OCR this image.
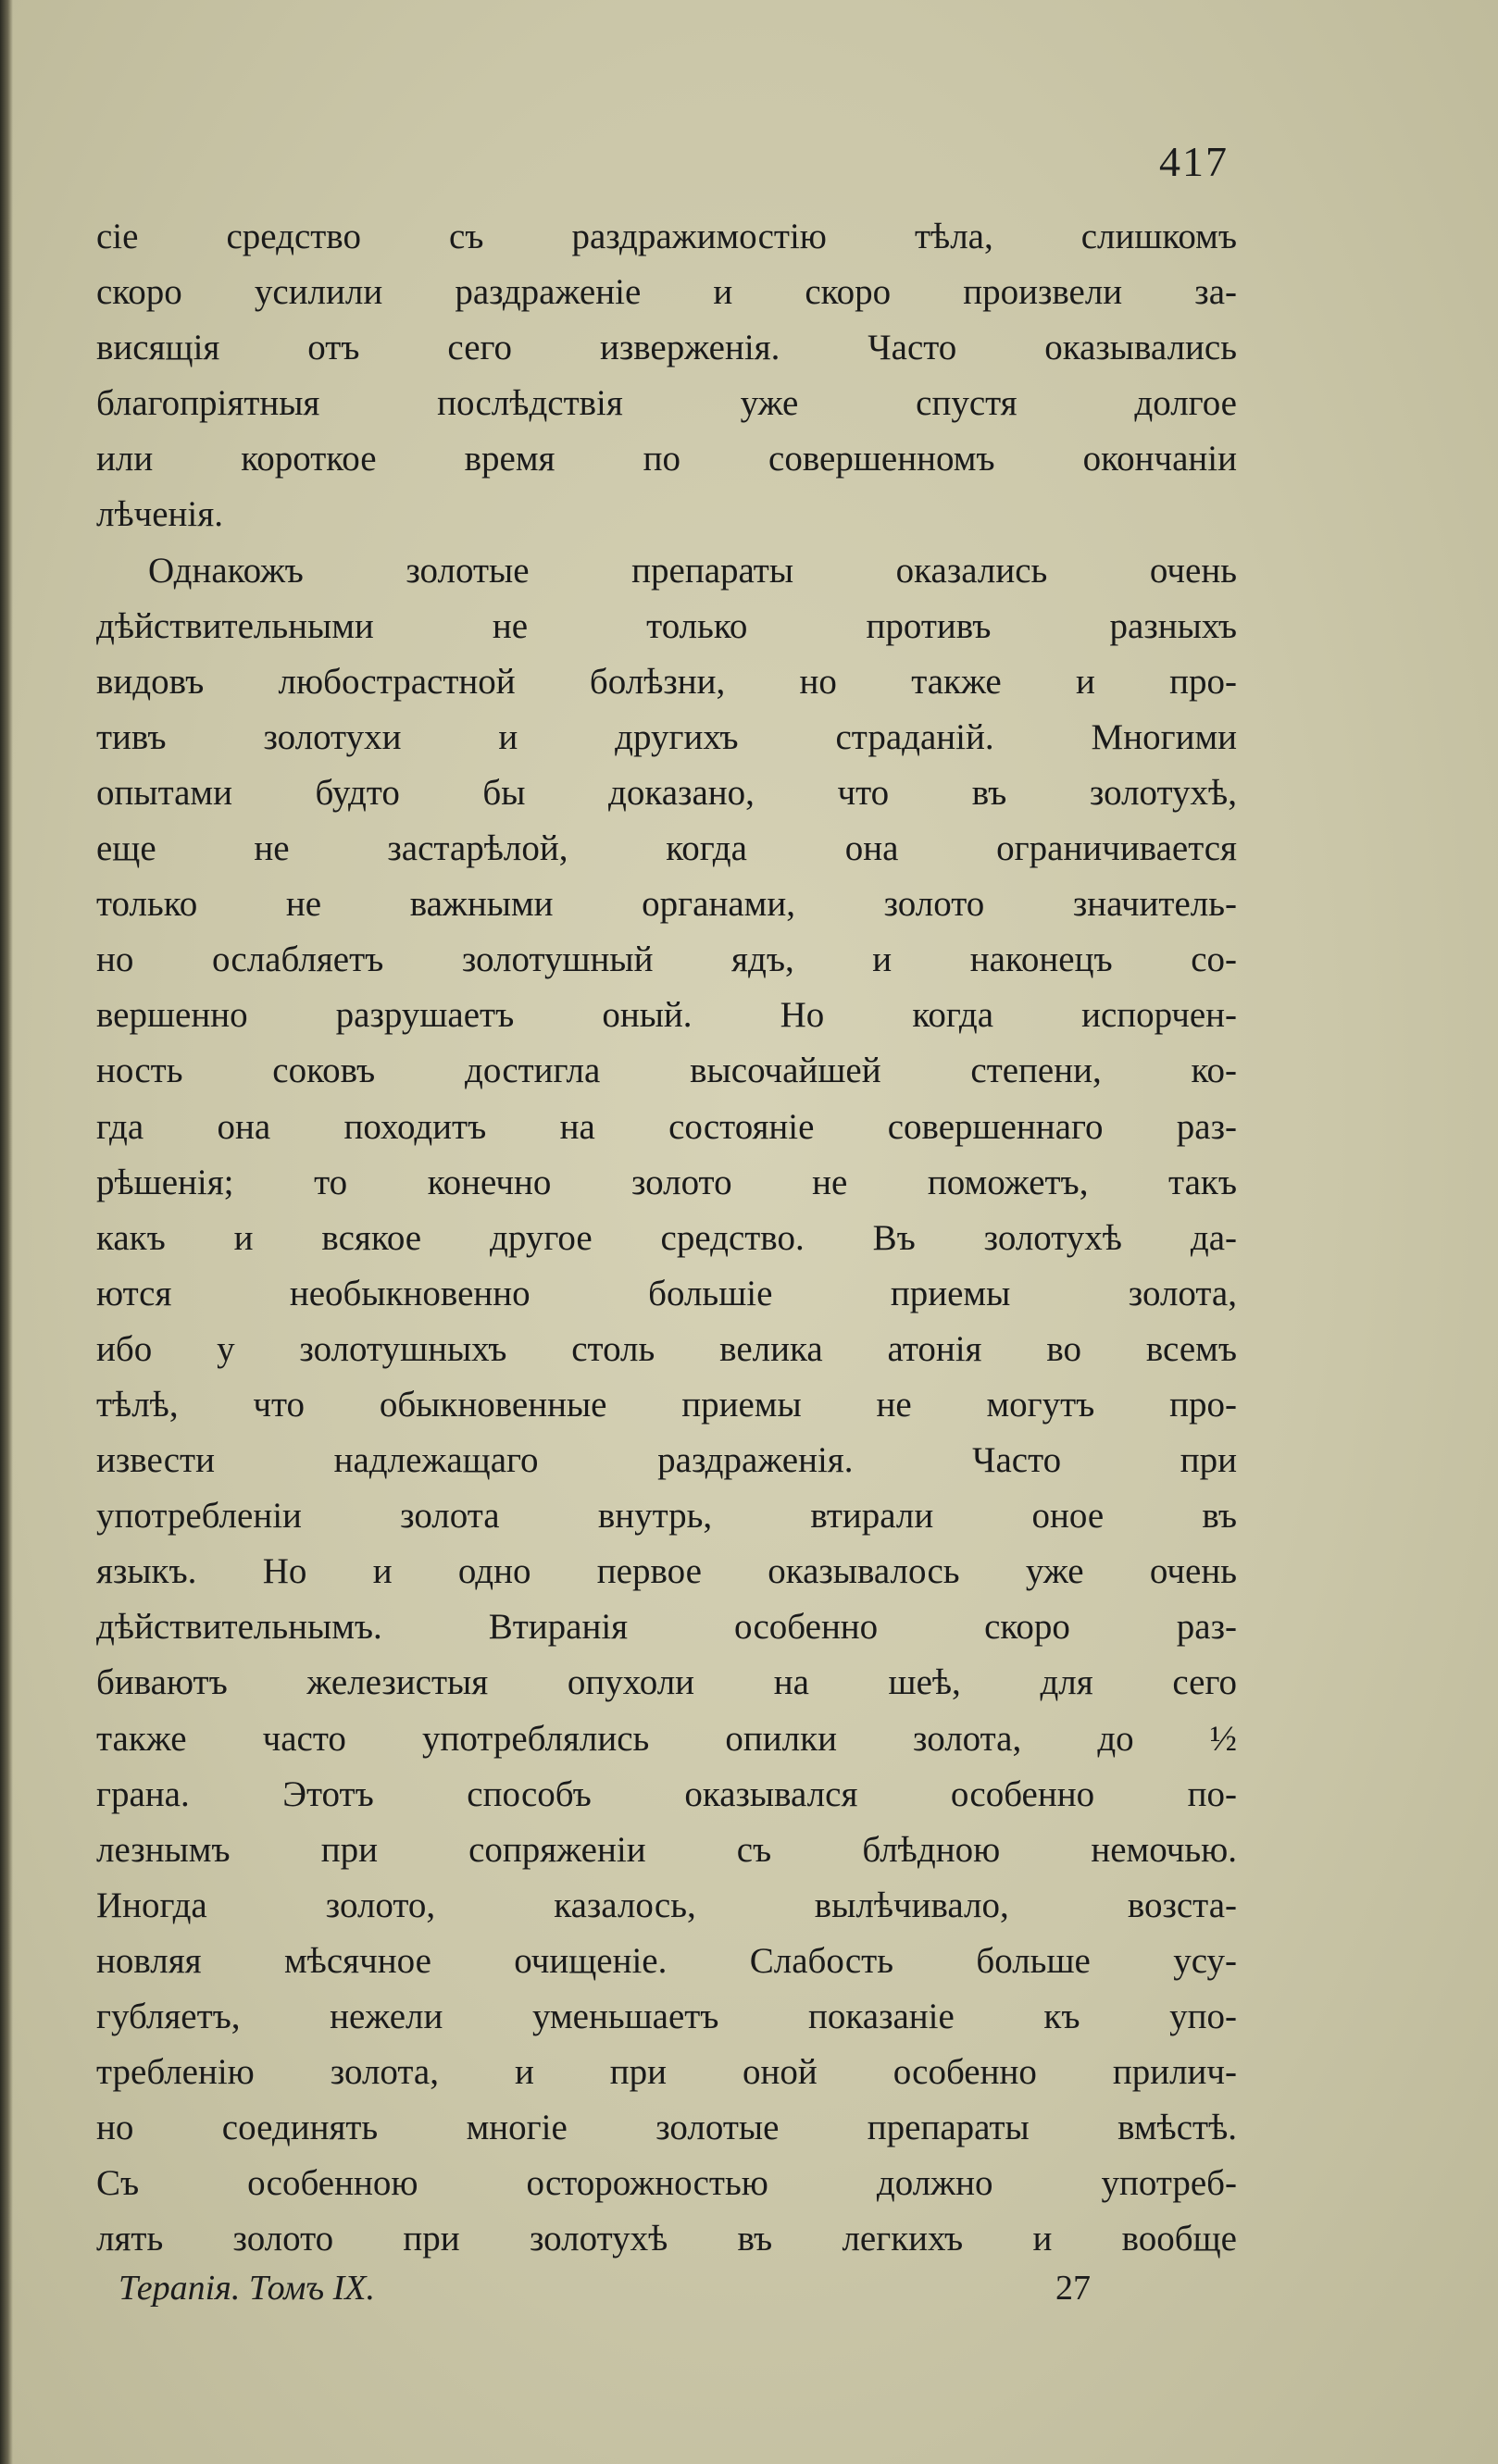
417
сіе средство съ раздражимостію тѣла, слишкомъ
скоро усилили раздраженіе и скоро произвели за-
висящія отъ сего изверженія. Часто оказывались
благопріятныя послѣдствія уже спустя долгое
или короткое время по совершенномъ окончаніи
лѣченія.
Однакожъ золотые препараты оказались очень
дѣйствительными не только противъ разныхъ
видовъ любострастной болѣзни, но также и про-
тивъ золотухи и другихъ страданій. Многими
опытами будто бы доказано, что въ золотухѣ,
еще не застарѣлой, когда она ограничивается
только не важными органами, золото значитель-
но ослабляетъ золотушный ядъ, и наконецъ со-
вершенно разрушаетъ оный. Но когда испорчен-
ность соковъ достигла высочайшей степени, ко-
гда она походитъ на состояніе совершеннаго раз-
рѣшенія; то конечно золото не поможетъ, такъ
какъ и всякое другое средство. Въ золотухѣ да-
ются необыкновенно большіе приемы золота,
ибо у золотушныхъ столь велика атонія во всемъ
тѣлѣ, что обыкновенные приемы не могутъ про-
извести надлежащаго раздраженія. Часто при
употребленіи золота внутрь, втирали оное въ
языкъ. Но и одно первое оказывалось уже очень
дѣйствительнымъ. Втиранія особенно скоро раз-
биваютъ железистыя опухоли на шеѣ, для сего
также часто употреблялись опилки золота, до ½
грана. Этотъ способъ оказывался особенно по-
лезнымъ при сопряженіи съ блѣдною немочью.
Иногда золото, казалось, вылѣчивало, возста-
новляя мѣсячное очищеніе. Слабость больше усу-
губляетъ, нежели уменьшаетъ показаніе къ упо-
требленію золота, и при оной особенно прилич-
но соединять многіе золотые препараты вмѣстѣ.
Съ особенною осторожностью должно употреб-
лять золото при золотухѣ въ легкихъ и вообще
Терапія. Томъ IX.	27
